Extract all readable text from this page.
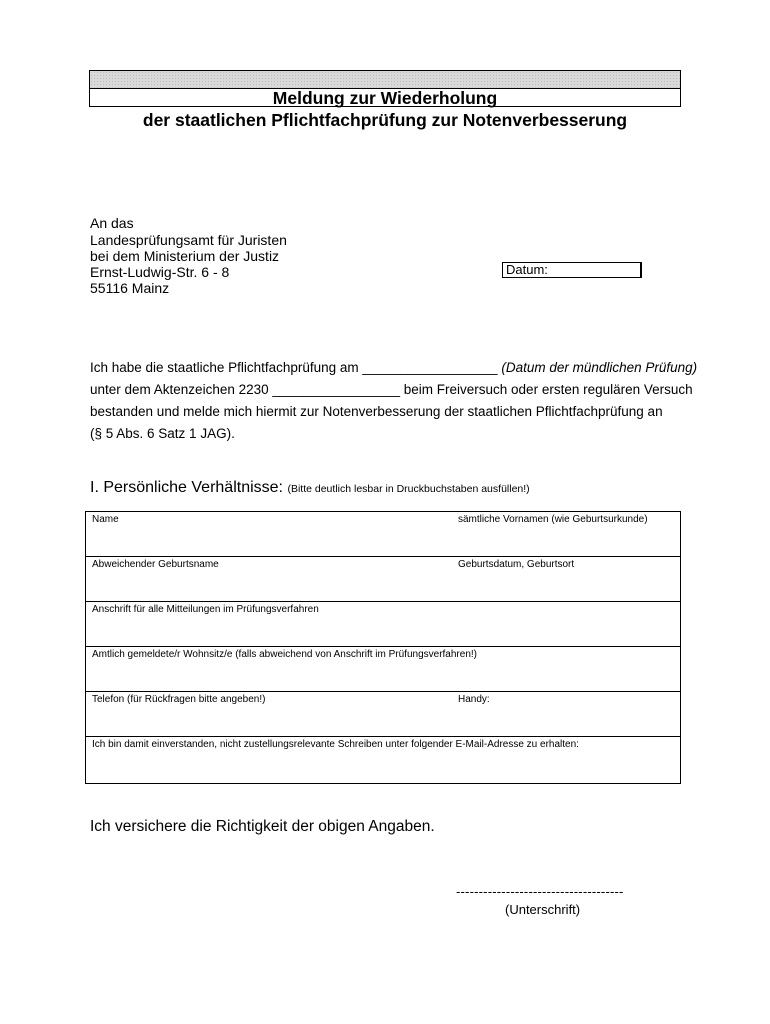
Meldung zur Wiederholung
der staatlichen Pflichtfachprüfung zur Notenverbesserung
An das
Landesprüfungsamt für Juristen
bei dem Ministerium der Justiz
Ernst-Ludwig-Str. 6 - 8
55116 Mainz
Datum:
Ich habe die staatliche Pflichtfachprüfung am __________________ (Datum der mündlichen Prüfung)
unter dem Aktenzeichen 2230 _________________ beim Freiversuch oder ersten regulären Versuch
bestanden und melde mich hiermit zur Notenverbesserung der staatlichen Pflichtfachprüfung an
(§ 5 Abs. 6 Satz 1 JAG).
I. Persönliche Verhältnisse: (Bitte deutlich lesbar in Druckbuchstaben ausfüllen!)
Name	sämtliche Vornamen (wie Geburtsurkunde)
Abweichender Geburtsname	Geburtsdatum, Geburtsort
Anschrift für alle Mitteilungen im Prüfungsverfahren
Amtlich gemeldete/r Wohnsitz/e (falls abweichend von Anschrift im Prüfungsverfahren!)
Telefon (für Rückfragen bitte angeben!)	Handy:
Ich bin damit einverstanden, nicht zustellungsrelevante Schreiben unter folgender E-Mail-Adresse zu erhalten:
Ich versichere die Richtigkeit der obigen Angaben.
-------------------------------------
(Unterschrift)
